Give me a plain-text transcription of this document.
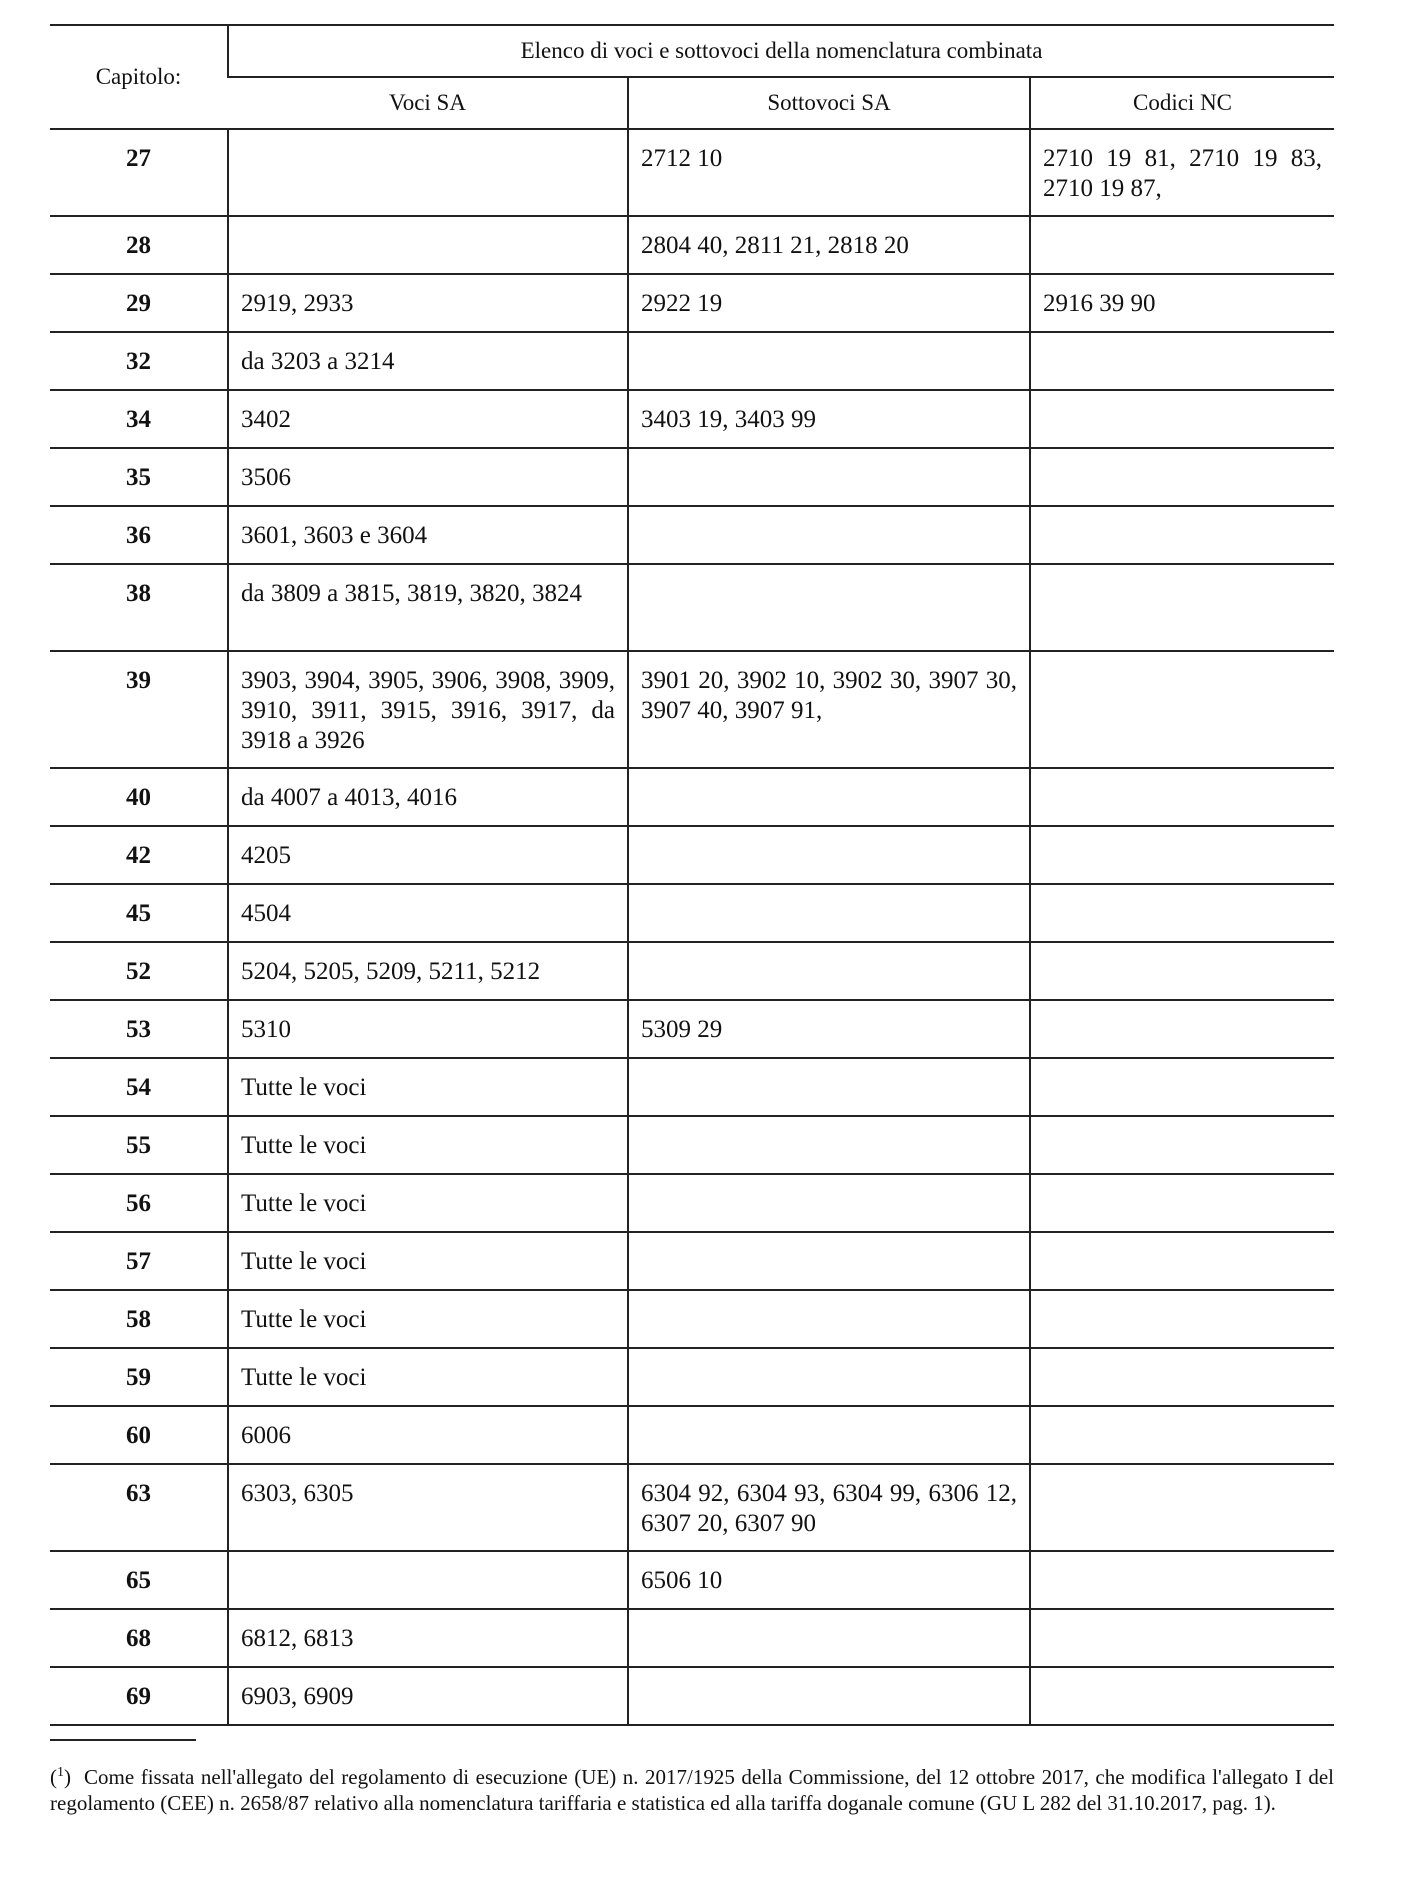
Capitolo:	Elenco di voci e sottovoci della nomenclatura combinata		
	Voci SA	Sottovoci SA	Codici NC
27		2712 10	2710 19 81, 2710 19 83, 2710 19 87,
28		2804 40, 2811 21, 2818 20	
29	2919, 2933	2922 19	2916 39 90
32	da 3203 a 3214		
34	3402	3403 19, 3403 99	
35	3506		
36	3601, 3603 e 3604		
38	da 3809 a 3815, 3819, 3820, 3824		
39	3903, 3904, 3905, 3906, 3908, 3909, 3910, 3911, 3915, 3916, 3917, da 3918 a 3926	3901 20, 3902 10, 3902 30, 3907 30, 3907 40, 3907 91,	
40	da 4007 a 4013, 4016		
42	4205		
45	4504		
52	5204, 5205, 5209, 5211, 5212		
53	5310	5309 29	
54	Tutte le voci		
55	Tutte le voci		
56	Tutte le voci		
57	Tutte le voci		
58	Tutte le voci		
59	Tutte le voci		
60	6006		
63	6303, 6305	6304 92, 6304 93, 6304 99, 6306 12, 6307 20, 6307 90	
65		6506 10	
68	6812, 6813		
69	6903, 6909		

($^1$)  Come fissata nell'allegato del regolamento di esecuzione (UE) n. 2017/1925 della Commissione, del 12 ottobre 2017, che modifica l'allegato I del regolamento (CEE) n. 2658/87 relativo alla nomenclatura tariffaria e statistica ed alla tariffa doganale comune (GU L 282 del 31.10.2017, pag. 1).
